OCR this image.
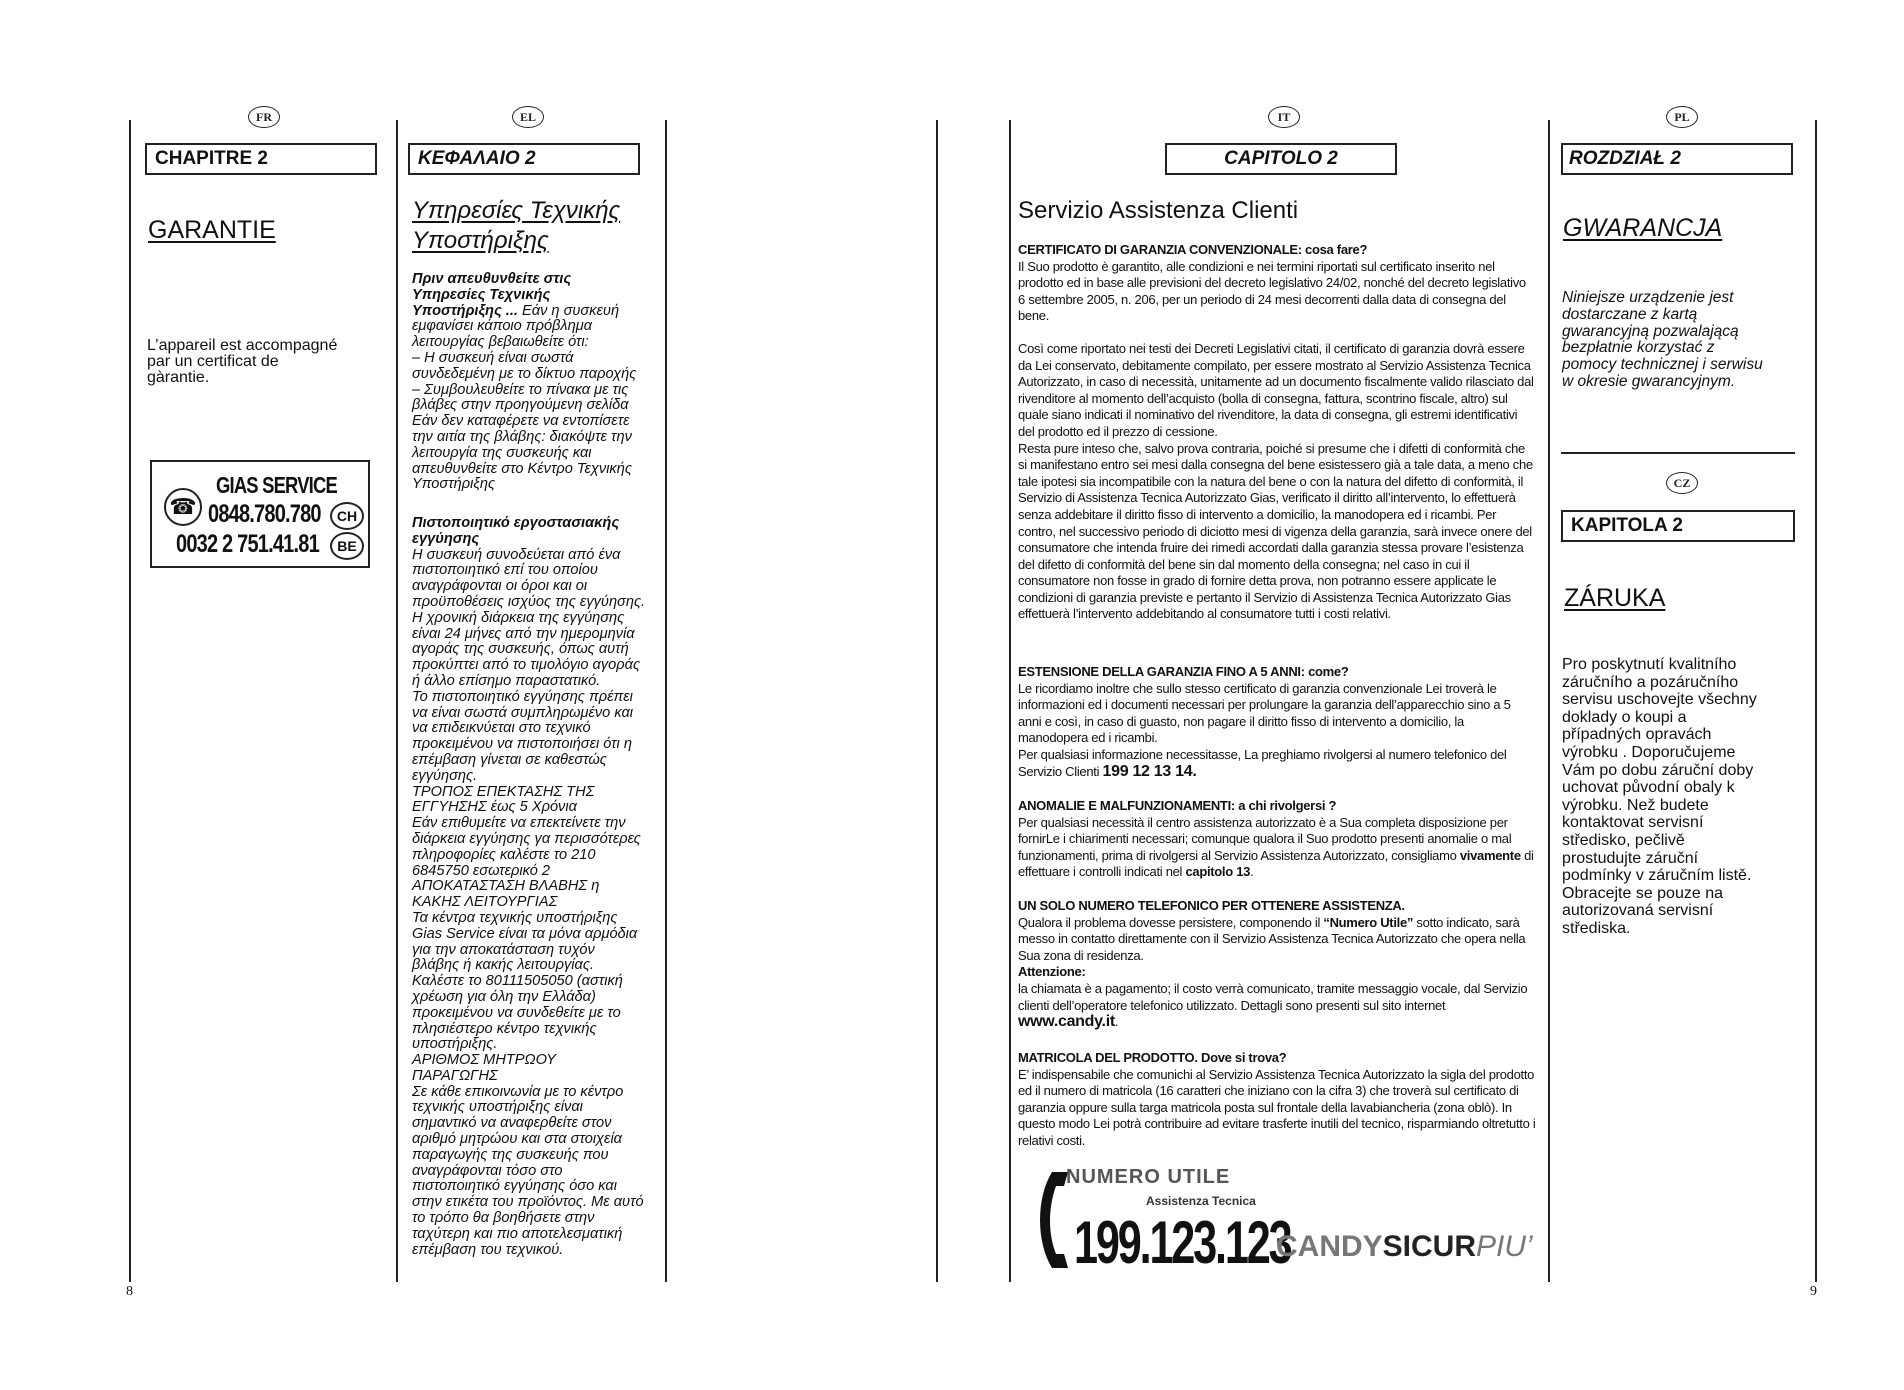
8	9
FR
CHAPITRE 2
GARANTIE
L’appareil est accompagné
par un certificat de
gàrantie.
☎
GIAS SERVICE
0848.780.780	CH
0032 2 751.41.81	BE
EL
ΚΕΦΑΛΑΙΟ 2
Υπηρεσίες Τεχνικής
Υποστήριξης
Πριν απευθυνθείτε στις
Υπηρεσίες Τεχνικής
Υποστήριξης ... Εάν η συσκευή
εμφανίσει κάποιο πρόβλημα
λειτουργίας βεβαιωθείτε ότι:
– Η συσκευή είναι σωστά
συνδεδεμένη με το δίκτυο παροχής
– Συμβουλευθείτε το πίνακα με τις
βλάβες στην προηγούμενη σελίδα
Εάν δεν καταφέρετε να εντοπίσετε
την αιτία της βλάβης: διακόψτε την
λειτουργία της συσκευής και
απευθυνθείτε στο Κέντρο Τεχνικής
Υποστήριξης
Πιστοποιητικό εργοστασιακής
εγγύησης
Η συσκευή συνοδεύεται από ένα
πιστοποιητικό επί του οποίου
αναγράφονται οι όροι και οι
προϋποθέσεις ισχύος της εγγύησης.
Η χρονική διάρκεια της εγγύησης
είναι 24 μήνες από την ημερομηνία
αγοράς της συσκευής, όπως αυτή
προκύπτει από το τιμολόγιο αγοράς
ή άλλο επίσημο παραστατικό.
Το πιστοποιητικό εγγύησης πρέπει
να είναι σωστά συμπληρωμένο και
να επιδεικνύεται στο τεχνικό
προκειμένου να πιστοποιήσει ότι η
επέμβαση γίνεται σε καθεστώς
εγγύησης.
ΤΡΟΠΟΣ ΕΠΕΚΤΑΣΗΣ ΤΗΣ
ΕΓΓΥΗΣΗΣ έως 5 Χρόνια
Εάν επιθυμείτε να επεκτείνετε την
διάρκεια εγγύησης γα περισσότερες
πληροφορίες καλέστε το 210
6845750 εσωτερικό 2
ΑΠΟΚΑΤΑΣΤΑΣΗ ΒΛΑΒΗΣ η
ΚΑΚΗΣ ΛΕΙΤΟΥΡΓΙΑΣ
Τα κέντρα τεχνικής υποστήριξης
Gias Service είναι τα μόνα αρμόδια
για την αποκατάσταση τυχόν
βλάβης ή κακής λειτουργίας.
Καλέστε το 80111505050 (αστική
χρέωση για όλη την Ελλάδα)
προκειμένου να συνδεθείτε με το
πλησιέστερο κέντρο τεχνικής
υποστήριξης.
ΑΡΙΘΜΟΣ ΜΗΤΡΩΟΥ
ΠΑΡΑΓΩΓΗΣ
Σε κάθε επικοινωνία με το κέντρο
τεχνικής υποστήριξης είναι
σημαντικό να αναφερθείτε στον
αριθμό μητρώου και στα στοιχεία
παραγωγής της συσκευής που
αναγράφονται τόσο στο
πιστοποιητικό εγγύησης όσο και
στην ετικέτα του προϊόντος. Με αυτό
το τρόπο θα βοηθήσετε στην
ταχύτερη και πιο αποτελεσματική
επέμβαση του τεχνικού.
IT
CAPITOLO 2
Servizio Assistenza Clienti
CERTIFICATO DI GARANZIA CONVENZIONALE: cosa fare?
Il Suo prodotto è garantito, alle condizioni e nei termini riportati sul certificato inserito nel prodotto ed in base alle previsioni del decreto legislativo 24/02, nonché del decreto legislativo 6 settembre 2005, n. 206, per un periodo di 24 mesi decorrenti dalla data di consegna del bene.
Così come riportato nei testi dei Decreti Legislativi citati, il certificato di garanzia dovrà essere da Lei conservato, debitamente compilato, per essere mostrato al Servizio Assistenza Tecnica Autorizzato, in caso di necessità, unitamente ad un documento fiscalmente valido rilasciato dal rivenditore al momento dell’acquisto (bolla di consegna, fattura, scontrino fiscale, altro) sul quale siano indicati il nominativo del rivenditore, la data di consegna, gli estremi identificativi del prodotto ed il prezzo di cessione.
Resta pure inteso che, salvo prova contraria, poiché si presume che i difetti di conformità che si manifestano entro sei mesi dalla consegna del bene esistessero già a tale data, a meno che tale ipotesi sia incompatibile con la natura del bene o con la natura del difetto di conformità, il Servizio di Assistenza Tecnica Autorizzato Gias, verificato il diritto all’intervento, lo effettuerà senza addebitare il diritto fisso di intervento a domicilio, la manodopera ed i ricambi. Per contro, nel successivo periodo di diciotto mesi di vigenza della garanzia, sarà invece onere del consumatore che intenda fruire dei rimedi accordati dalla garanzia stessa provare l’esistenza del difetto di conformità del bene sin dal momento della consegna; nel caso in cui il consumatore non fosse in grado di fornire detta prova, non potranno essere applicate le condizioni di garanzia previste e pertanto il Servizio di Assistenza Tecnica Autorizzato Gias effettuerà l’intervento addebitando al consumatore tutti i costi relativi.
ESTENSIONE DELLA GARANZIA FINO A 5 ANNI: come?
Le ricordiamo inoltre che sullo stesso certificato di garanzia convenzionale Lei troverà le informazioni ed i documenti necessari per prolungare la garanzia dell’apparecchio sino a 5 anni e così, in caso di guasto, non pagare il diritto fisso di intervento a domicilio, la manodopera ed i ricambi.
Per qualsiasi informazione necessitasse, La preghiamo rivolgersi al numero telefonico del Servizio Clienti 199 12 13 14.
ANOMALIE E MALFUNZIONAMENTI: a chi rivolgersi ?
Per qualsiasi necessità il centro assistenza autorizzato è a Sua completa disposizione per fornirLe i chiarimenti necessari; comunque qualora il Suo prodotto presenti anomalie o mal funzionamenti, prima di rivolgersi al Servizio Assistenza Autorizzato, consigliamo vivamente di effettuare i controlli indicati nel capitolo 13.
UN SOLO NUMERO TELEFONICO PER OTTENERE ASSISTENZA.
Qualora il problema dovesse persistere, componendo il “Numero Utile” sotto indicato, sarà messo in contatto direttamente con il Servizio Assistenza Tecnica Autorizzato che opera nella Sua zona di residenza.
Attenzione:
la chiamata è a pagamento; il costo verrà comunicato, tramite messaggio vocale, dal Servizio clienti dell’operatore telefonico utilizzato. Dettagli sono presenti sul sito internet www.candy.it.
MATRICOLA DEL PRODOTTO. Dove si trova?
E’ indispensabile che comunichi al Servizio Assistenza Tecnica Autorizzato la sigla del prodotto ed il numero di matricola (16 caratteri che iniziano con la cifra 3) che troverà sul certificato di garanzia oppure sulla targa matricola posta sul frontale della lavabiancheria (zona oblò). In questo modo Lei potrà contribuire ad evitare trasferte inutili del tecnico, risparmiando oltretutto i relativi costi.
NUMERO UTILE
Assistenza Tecnica
199.123.123
CANDYSICURPIU’
PL
ROZDZIAŁ 2
GWARANCJA
Niniejsze urządzenie jest
dostarczane z kartą
gwarancyjną pozwalającą
bezpłatnie korzystać z
pomocy technicznej i serwisu
w okresie gwarancyjnym.
CZ
KAPITOLA 2
ZÁRUKA
Pro poskytnutí kvalitního
záručního a pozáručního
servisu uschovejte všechny
doklady o koupi a
případných opravách
výrobku . Doporučujeme
Vám po dobu záruční doby
uchovat původní obaly k
výrobku. Než budete
kontaktovat servisní
středisko, pečlivě
prostudujte záruční
podmínky v záručním listě.
Obracejte se pouze na
autorizovaná servisní
střediska.
